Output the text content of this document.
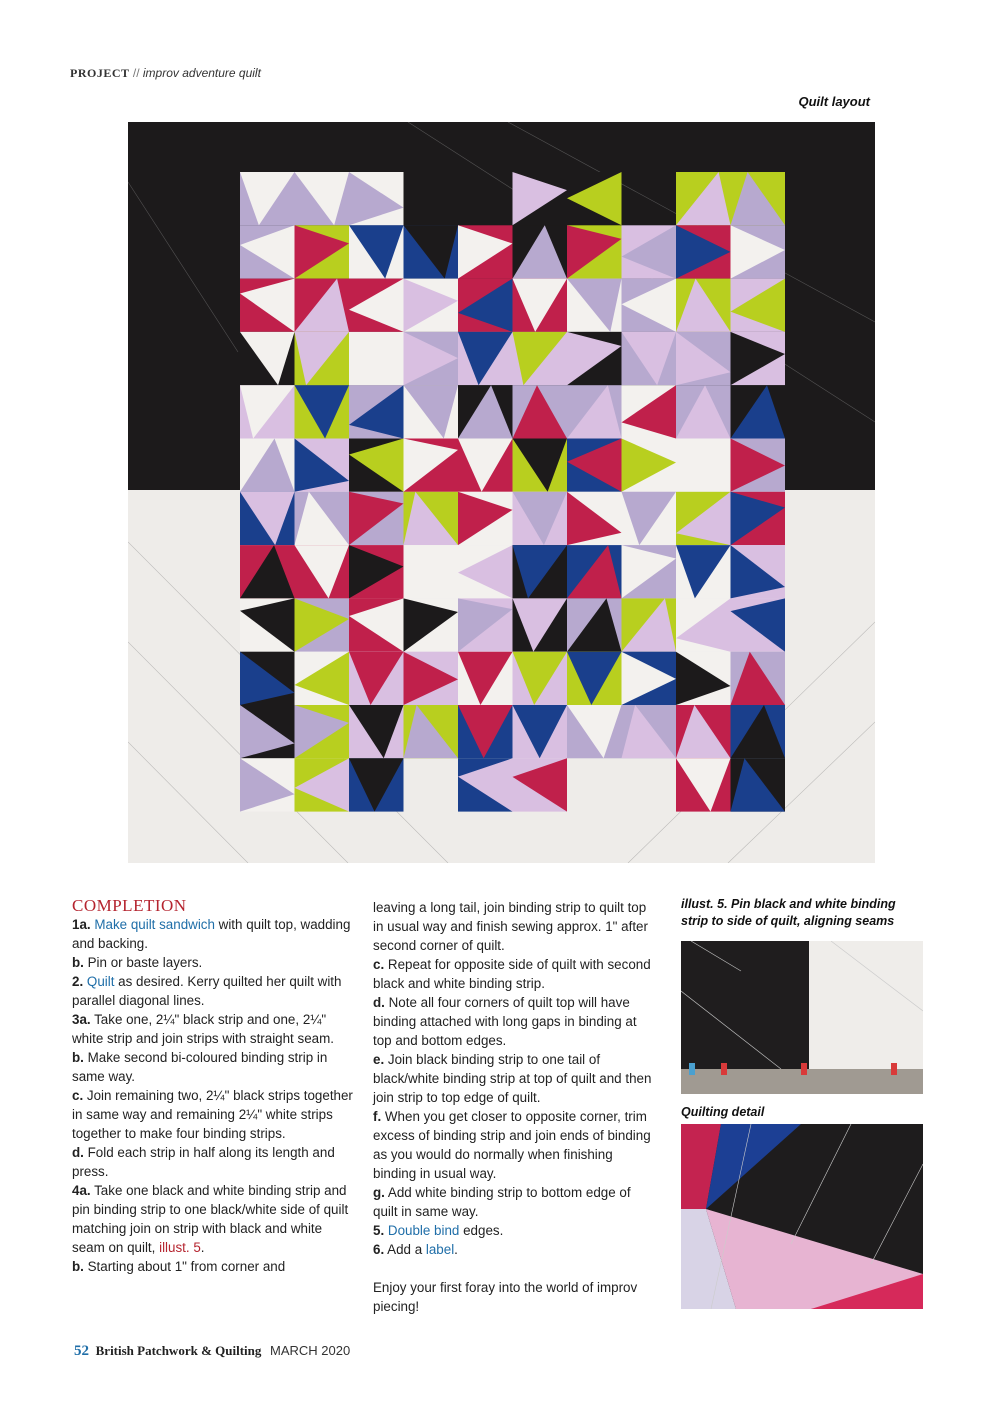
PROJECT // improv adventure quilt
Quilt layout

COMPLETION

1a. Make quilt sandwich with quilt top, wadding and backing.

b. Pin or baste layers.

2. Quilt as desired. Kerry quilted her quilt with parallel diagonal lines.

3a. Take one, 2¼" black strip and one, 2¼" white strip and join strips with straight seam.

b. Make second bi-coloured binding strip in same way.

c. Join remaining two, 2¼" black strips together in same way and remaining 2¼" white strips together to make four binding strips.

d. Fold each strip in half along its length and press.

4a. Take one black and white binding strip and pin binding strip to one black/white side of quilt matching join on strip with black and white seam on quilt, illust. 5.

b. Starting about 1" from corner and

leaving a long tail, join binding strip to quilt top in usual way and finish sewing approx. 1" after second corner of quilt.

c. Repeat for opposite side of quilt with second black and white binding strip.

d. Note all four corners of quilt top will have binding attached with long gaps in binding at top and bottom edges.

e. Join black binding strip to one tail of black/white binding strip at top of quilt and then join strip to top edge of quilt.

f. When you get closer to opposite corner, trim excess of binding strip and join ends of binding as you would do normally when finishing binding in usual way.

g. Add white binding strip to bottom edge of quilt in same way.

5. Double bind edges.

6. Add a label.

Enjoy your first foray into the world of improv piecing!

illust. 5. Pin black and white binding strip to side of quilt, aligning seams
Quilting detail
52 British Patchwork & Quilting MARCH 2020
